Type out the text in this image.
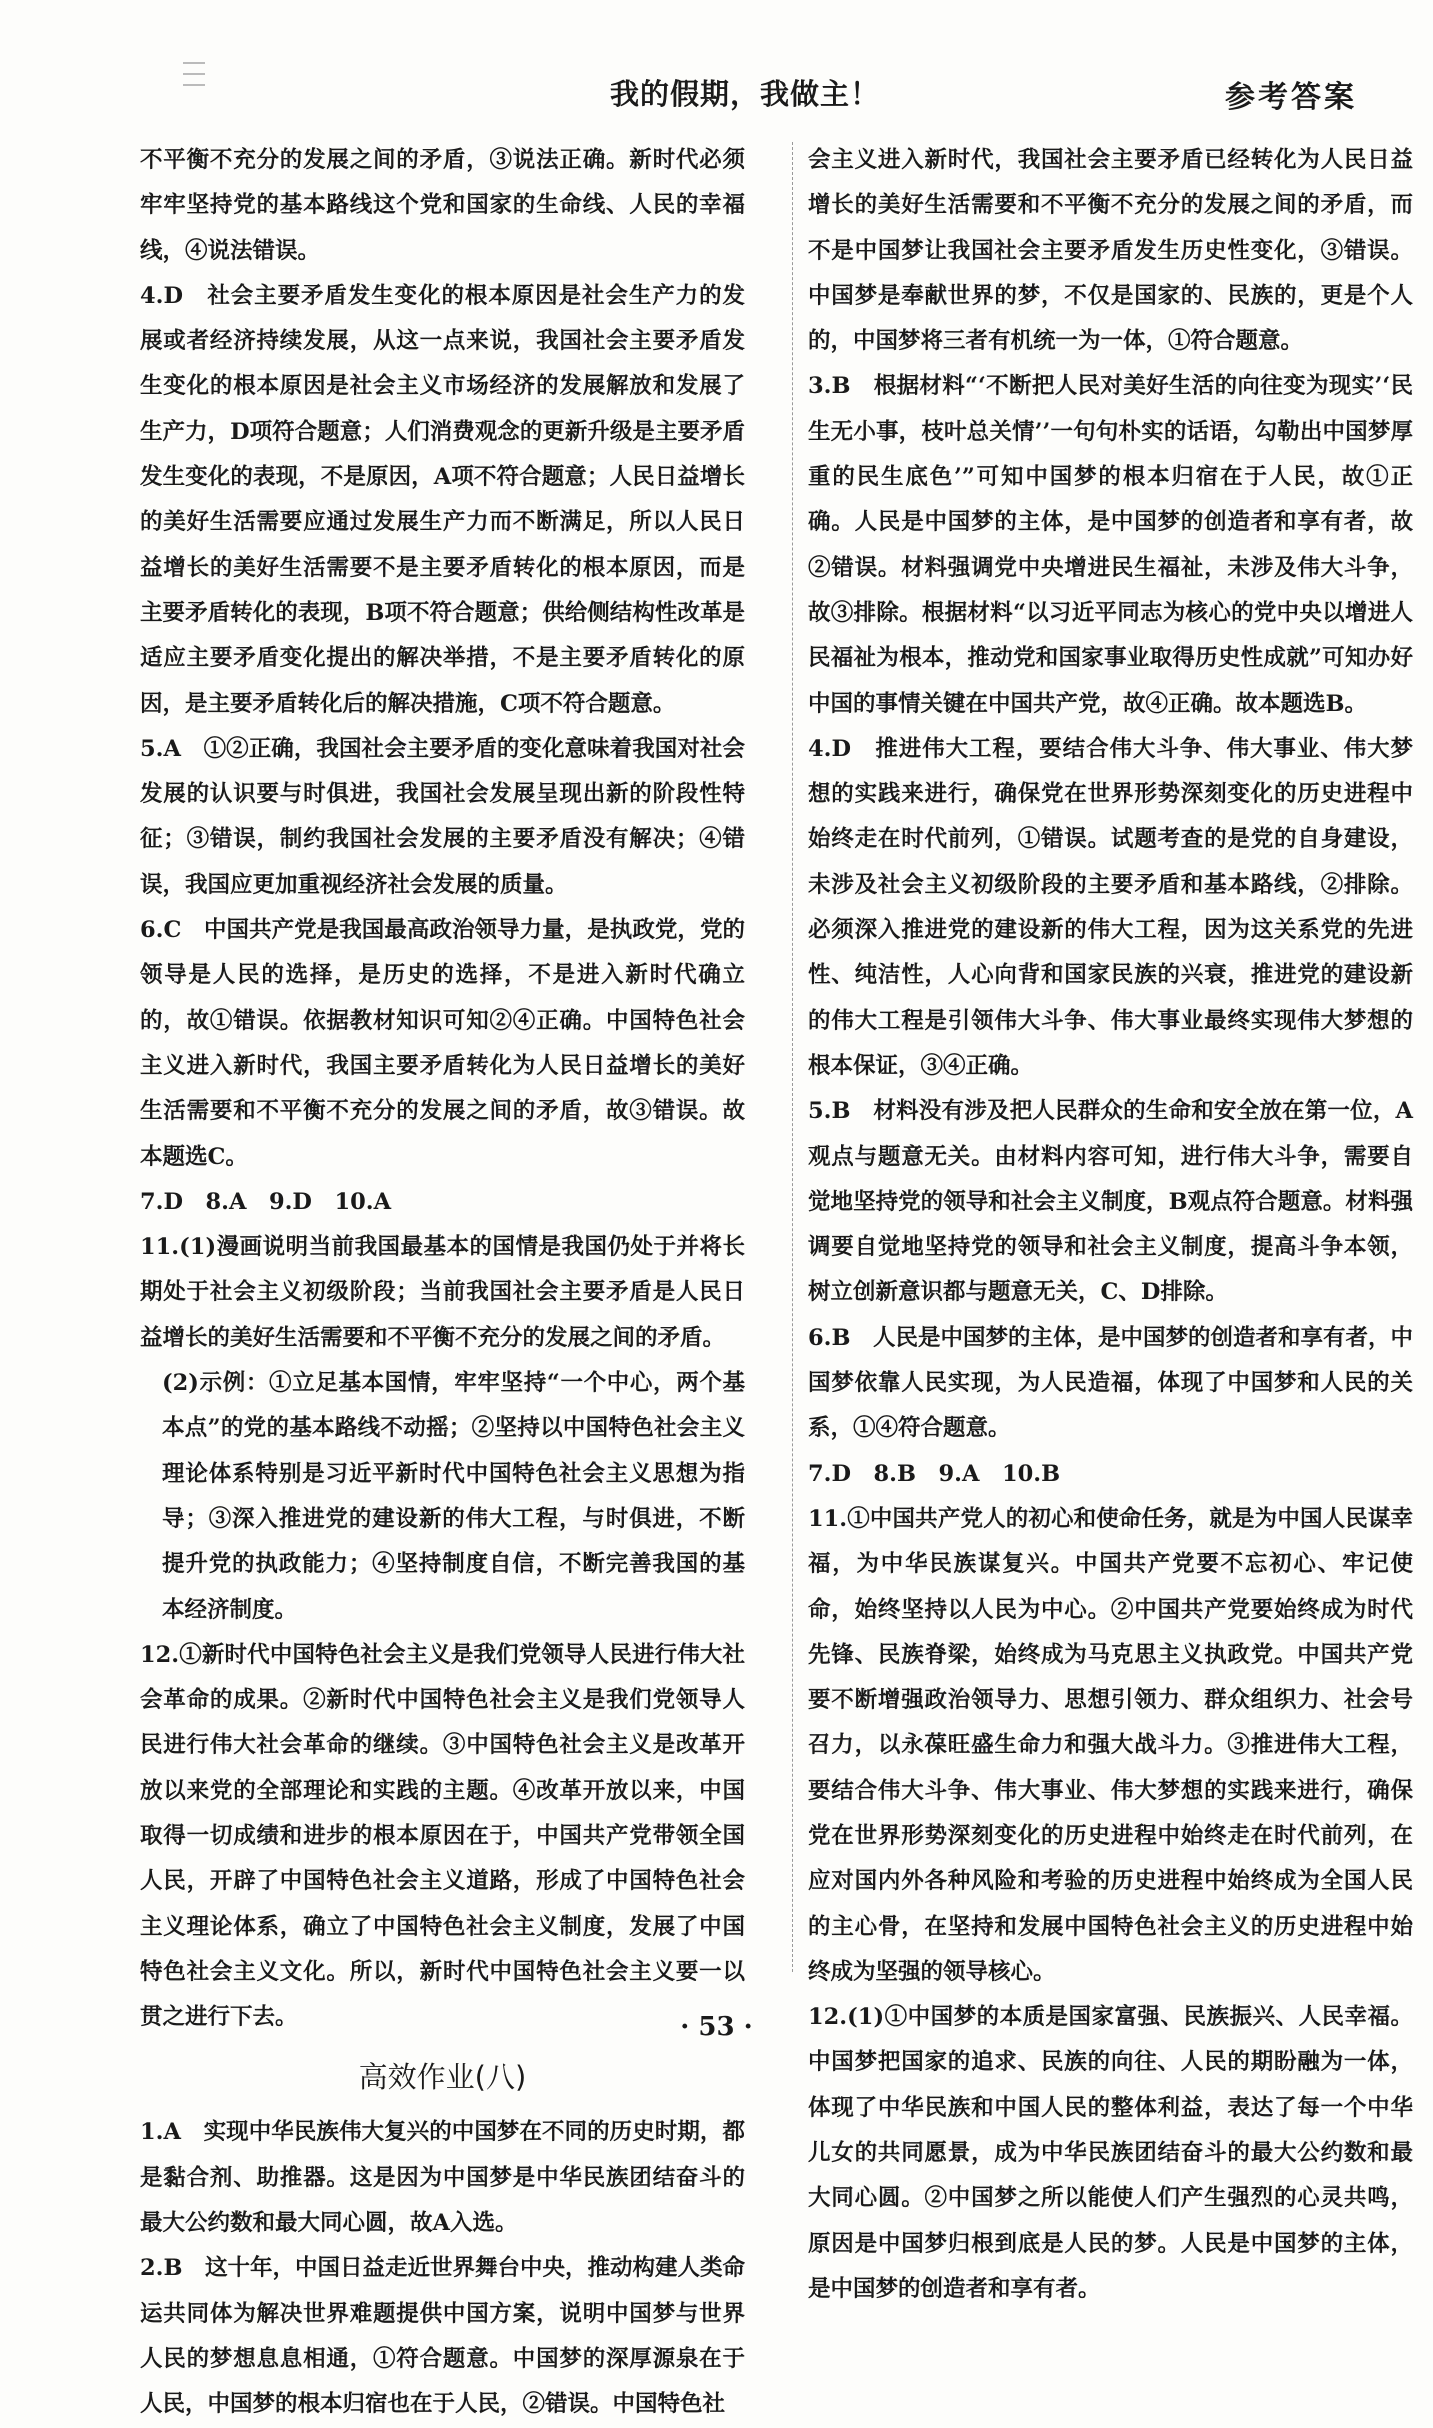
我的假期，我做主！	参考答案
不平衡不充分的发展之间的矛盾，③说法正确。新时代必须牢牢坚持党的基本路线这个党和国家的生命线、人民的幸福线，④说法错误。
4.D　社会主要矛盾发生变化的根本原因是社会生产力的发展或者经济持续发展，从这一点来说，我国社会主要矛盾发生变化的根本原因是社会主义市场经济的发展解放和发展了生产力，D项符合题意；人们消费观念的更新升级是主要矛盾发生变化的表现，不是原因，A项不符合题意；人民日益增长的美好生活需要应通过发展生产力而不断满足，所以人民日益增长的美好生活需要不是主要矛盾转化的根本原因，而是主要矛盾转化的表现，B项不符合题意；供给侧结构性改革是适应主要矛盾变化提出的解决举措，不是主要矛盾转化的原因，是主要矛盾转化后的解决措施，C项不符合题意。
5.A　①②正确，我国社会主要矛盾的变化意味着我国对社会发展的认识要与时俱进，我国社会发展呈现出新的阶段性特征；③错误，制约我国社会发展的主要矛盾没有解决；④错误，我国应更加重视经济社会发展的质量。
6.C　中国共产党是我国最高政治领导力量，是执政党，党的领导是人民的选择，是历史的选择，不是进入新时代确立的，故①错误。依据教材知识可知②④正确。中国特色社会主义进入新时代，我国主要矛盾转化为人民日益增长的美好生活需要和不平衡不充分的发展之间的矛盾，故③错误。故本题选C。
7.D　8.A　9.D　10.A
11.(1)漫画说明当前我国最基本的国情是我国仍处于并将长期处于社会主义初级阶段；当前我国社会主要矛盾是人民日益增长的美好生活需要和不平衡不充分的发展之间的矛盾。
(2)示例：①立足基本国情，牢牢坚持“一个中心，两个基本点”的党的基本路线不动摇；②坚持以中国特色社会主义理论体系特别是习近平新时代中国特色社会主义思想为指导；③深入推进党的建设新的伟大工程，与时俱进，不断提升党的执政能力；④坚持制度自信，不断完善我国的基本经济制度。
12.①新时代中国特色社会主义是我们党领导人民进行伟大社会革命的成果。②新时代中国特色社会主义是我们党领导人民进行伟大社会革命的继续。③中国特色社会主义是改革开放以来党的全部理论和实践的主题。④改革开放以来，中国取得一切成绩和进步的根本原因在于，中国共产党带领全国人民，开辟了中国特色社会主义道路，形成了中国特色社会主义理论体系，确立了中国特色社会主义制度，发展了中国特色社会主义文化。所以，新时代中国特色社会主义要一以贯之进行下去。
高效作业(八)
1.A　实现中华民族伟大复兴的中国梦在不同的历史时期，都是黏合剂、助推器。这是因为中国梦是中华民族团结奋斗的最大公约数和最大同心圆，故A入选。
2.B　这十年，中国日益走近世界舞台中央，推动构建人类命运共同体为解决世界难题提供中国方案，说明中国梦与世界人民的梦想息息相通，①符合题意。中国梦的深厚源泉在于人民，中国梦的根本归宿也在于人民，②错误。中国特色社
会主义进入新时代，我国社会主要矛盾已经转化为人民日益增长的美好生活需要和不平衡不充分的发展之间的矛盾，而不是中国梦让我国社会主要矛盾发生历史性变化，③错误。中国梦是奉献世界的梦，不仅是国家的、民族的，更是个人的，中国梦将三者有机统一为一体，①符合题意。
3.B　根据材料“‘不断把人民对美好生活的向往变为现实’‘民生无小事，枝叶总关情’’一句句朴实的话语，勾勒出中国梦厚重的民生底色’”可知中国梦的根本归宿在于人民，故①正确。人民是中国梦的主体，是中国梦的创造者和享有者，故②错误。材料强调党中央增进民生福祉，未涉及伟大斗争，故③排除。根据材料“以习近平同志为核心的党中央以增进人民福祉为根本，推动党和国家事业取得历史性成就”可知办好中国的事情关键在中国共产党，故④正确。故本题选B。
4.D　推进伟大工程，要结合伟大斗争、伟大事业、伟大梦想的实践来进行，确保党在世界形势深刻变化的历史进程中始终走在时代前列，①错误。试题考查的是党的自身建设，未涉及社会主义初级阶段的主要矛盾和基本路线，②排除。必须深入推进党的建设新的伟大工程，因为这关系党的先进性、纯洁性，人心向背和国家民族的兴衰，推进党的建设新的伟大工程是引领伟大斗争、伟大事业最终实现伟大梦想的根本保证，③④正确。
5.B　材料没有涉及把人民群众的生命和安全放在第一位，A观点与题意无关。由材料内容可知，进行伟大斗争，需要自觉地坚持党的领导和社会主义制度，B观点符合题意。材料强调要自觉地坚持党的领导和社会主义制度，提高斗争本领，树立创新意识都与题意无关，C、D排除。
6.B　人民是中国梦的主体，是中国梦的创造者和享有者，中国梦依靠人民实现，为人民造福，体现了中国梦和人民的关系，①④符合题意。
7.D　8.B　9.A　10.B
11.①中国共产党人的初心和使命任务，就是为中国人民谋幸福，为中华民族谋复兴。中国共产党要不忘初心、牢记使命，始终坚持以人民为中心。②中国共产党要始终成为时代先锋、民族脊梁，始终成为马克思主义执政党。中国共产党要不断增强政治领导力、思想引领力、群众组织力、社会号召力，以永葆旺盛生命力和强大战斗力。③推进伟大工程，要结合伟大斗争、伟大事业、伟大梦想的实践来进行，确保党在世界形势深刻变化的历史进程中始终走在时代前列，在应对国内外各种风险和考验的历史进程中始终成为全国人民的主心骨，在坚持和发展中国特色社会主义的历史进程中始终成为坚强的领导核心。
12.(1)①中国梦的本质是国家富强、民族振兴、人民幸福。中国梦把国家的追求、民族的向往、人民的期盼融为一体，体现了中华民族和中国人民的整体利益，表达了每一个中华儿女的共同愿景，成为中华民族团结奋斗的最大公约数和最大同心圆。②中国梦之所以能使人们产生强烈的心灵共鸣，原因是中国梦归根到底是人民的梦。人民是中国梦的主体，是中国梦的创造者和享有者。
· 53 ·
